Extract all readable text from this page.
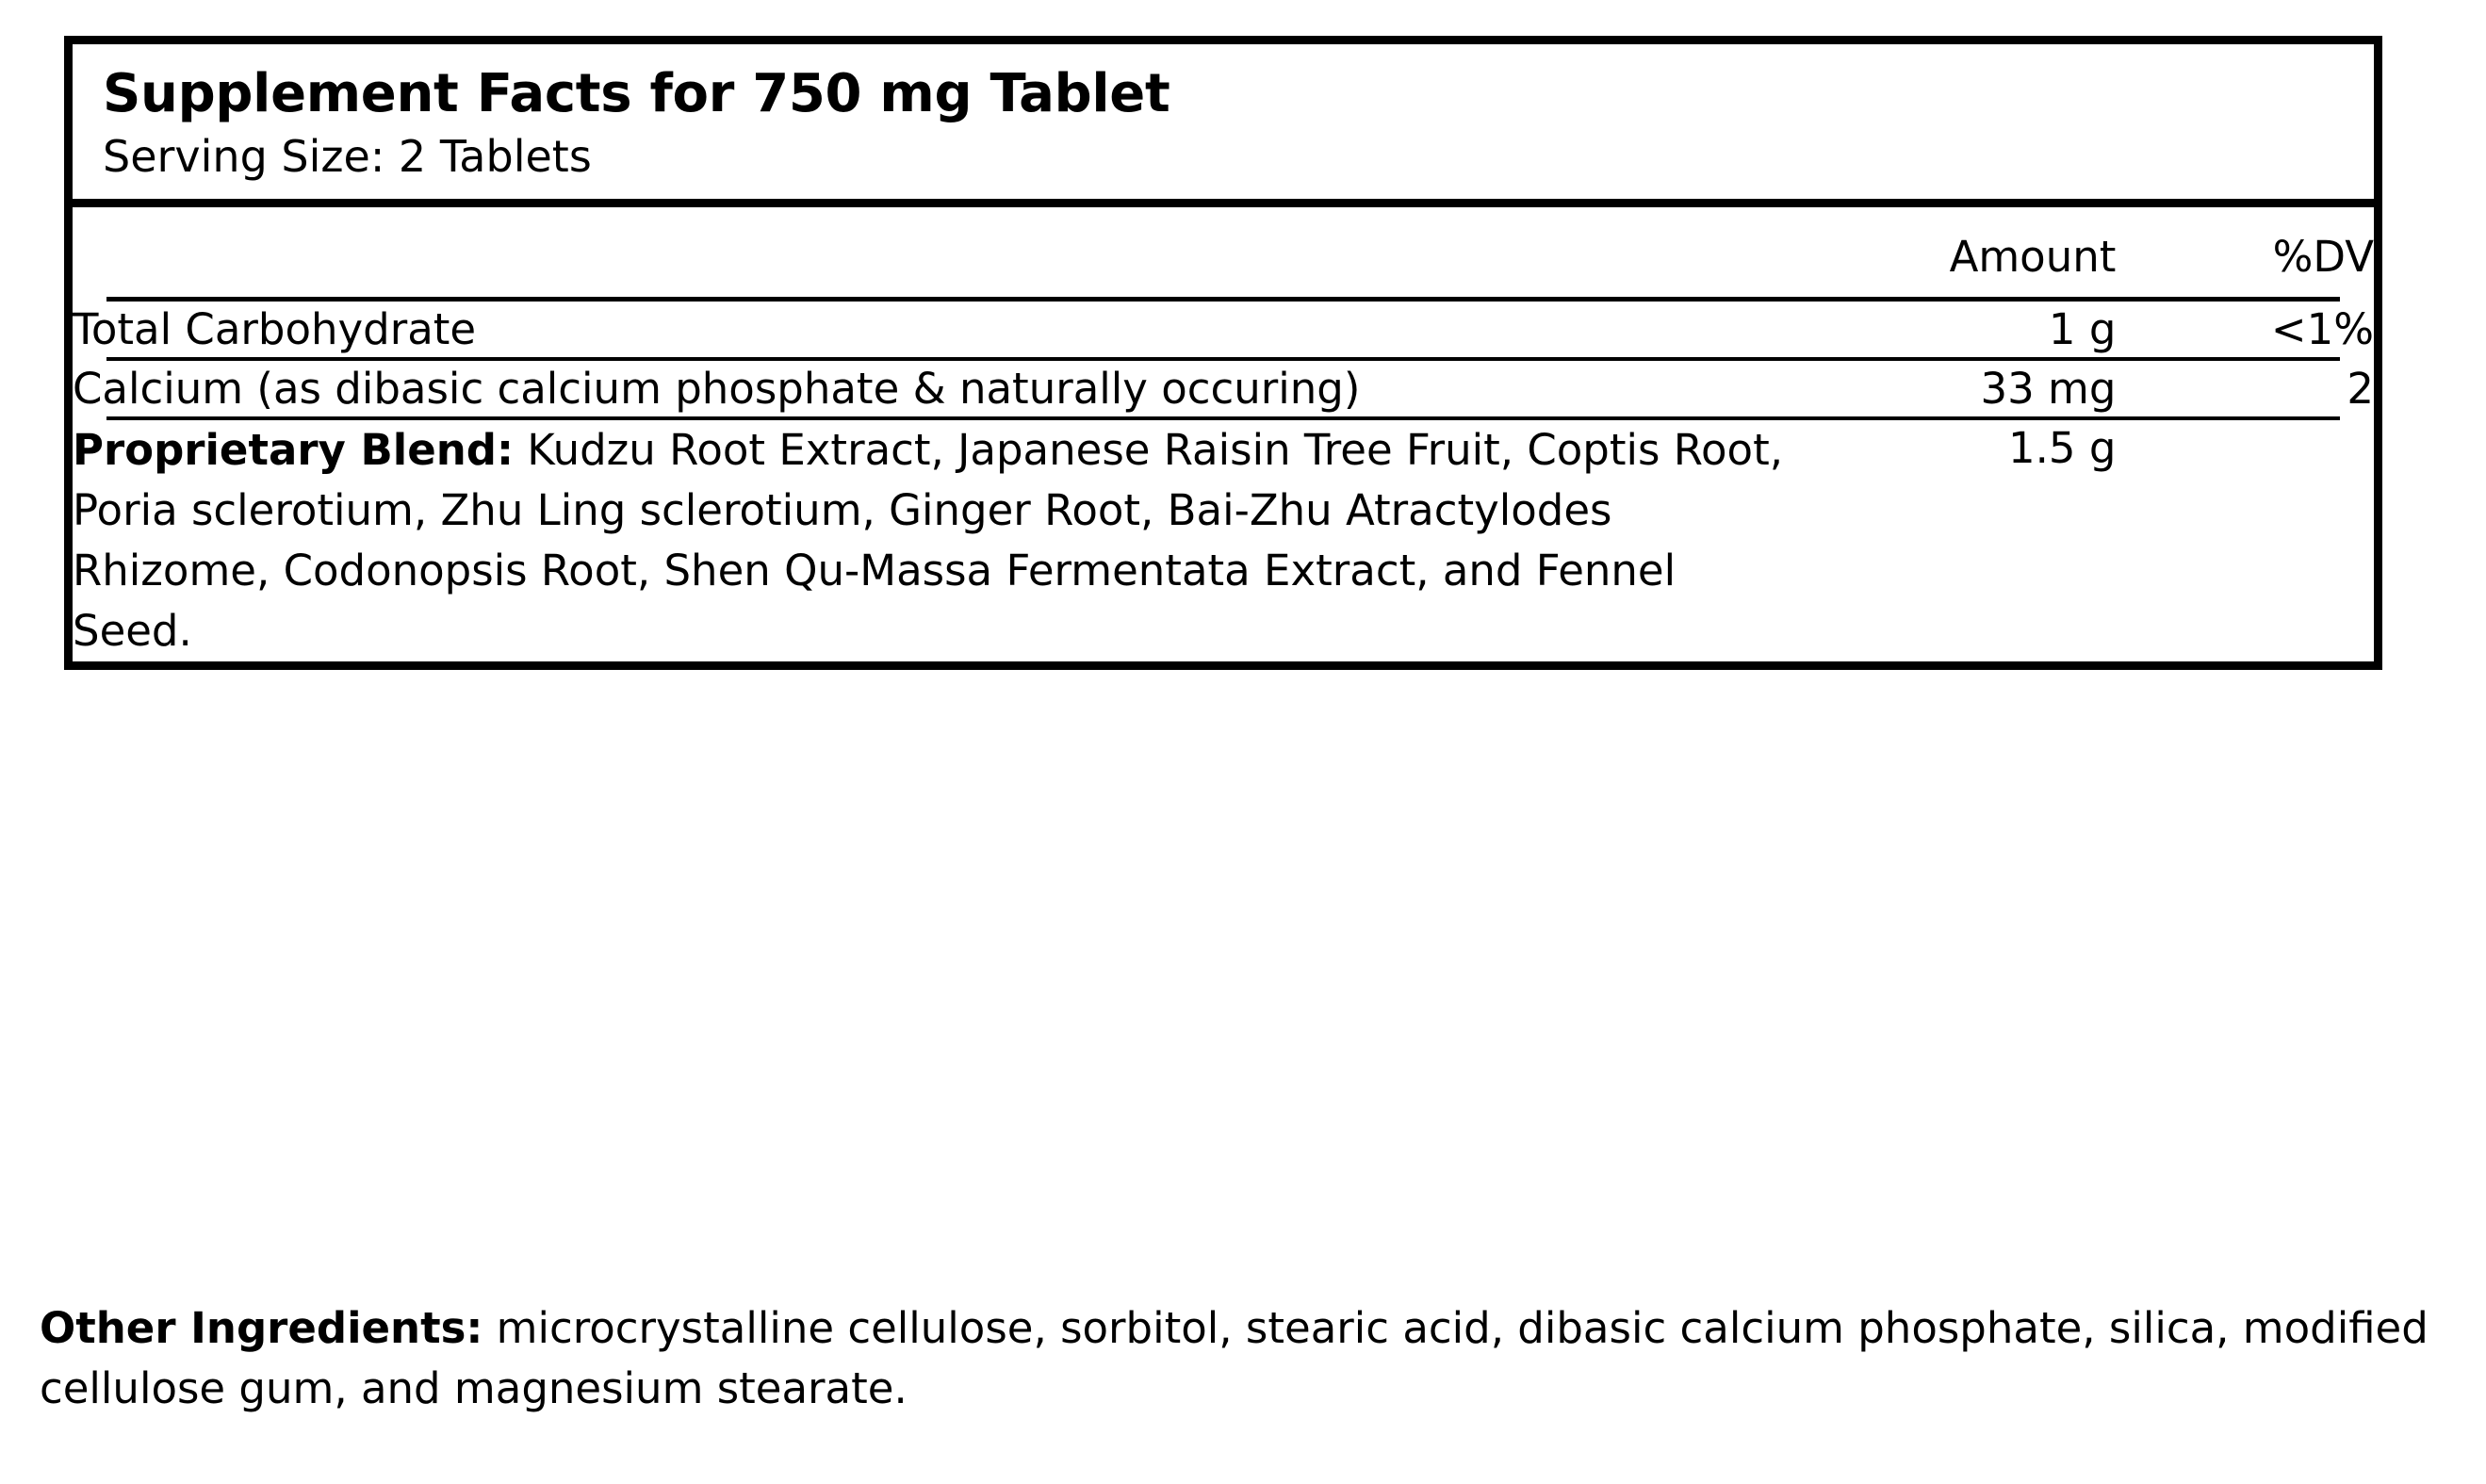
Supplement Facts for 750 mg Tablet
Serving Size: 2 Tablets
	Amount	%DV

Total Carbohydrate	1 g	<1%

Calcium (as dibasic calcium phosphate & naturally occuring)	33 mg	2

Proprietary Blend: Kudzu Root Extract, Japanese Raisin Tree Fruit, Coptis Root, Poria sclerotium, Zhu Ling sclerotium, Ginger Root, Bai-Zhu Atractylodes Rhizome, Codonopsis Root, Shen Qu-Massa Fermentata Extract, and Fennel Seed.	1.5 g	
Other Ingredients: microcrystalline cellulose, sorbitol, stearic acid, dibasic calcium phosphate, silica, modified cellulose gum, and magnesium stearate.
